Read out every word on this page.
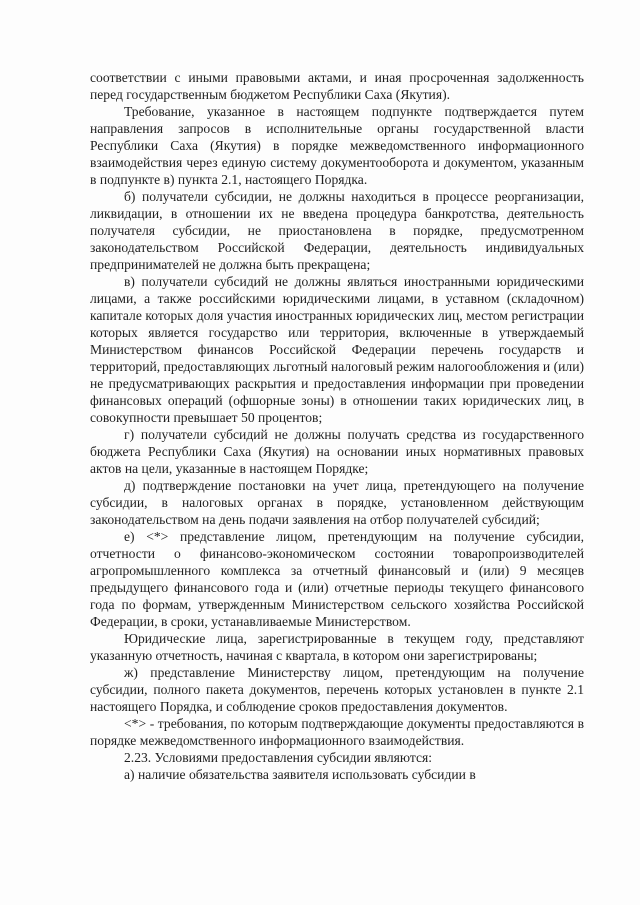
соответствии с иными правовыми актами, и иная просроченная задолженность перед государственным бюджетом Республики Саха (Якутия).

Требование, указанное в настоящем подпункте подтверждается путем направления запросов в исполнительные органы государственной власти Республики Саха (Якутия) в порядке межведомственного информационного взаимодействия через единую систему документооборота и документом, указанным в подпункте в) пункта 2.1, настоящего Порядка.

б) получатели субсидии, не должны находиться в процессе реорганизации, ликвидации, в отношении их не введена процедура банкротства, деятельность получателя субсидии, не приостановлена в порядке, предусмотренном законодательством Российской Федерации, деятельность индивидуальных предпринимателей не должна быть прекращена;

в) получатели субсидий не должны являться иностранными юридическими лицами, а также российскими юридическими лицами, в уставном (складочном) капитале которых доля участия иностранных юридических лиц, местом регистрации которых является государство или территория, включенные в утверждаемый Министерством финансов Российской Федерации перечень государств и территорий, предоставляющих льготный налоговый режим налогообложения и (или) не предусматривающих раскрытия и предоставления информации при проведении финансовых операций (офшорные зоны) в отношении таких юридических лиц, в совокупности превышает 50 процентов;

г) получатели субсидий не должны получать средства из государственного бюджета Республики Саха (Якутия) на основании иных нормативных правовых актов на цели, указанные в настоящем Порядке;

д) подтверждение постановки на учет лица, претендующего на получение субсидии, в налоговых органах в порядке, установленном действующим законодательством на день подачи заявления на отбор получателей субсидий;

е) <*> представление лицом, претендующим на получение субсидии, отчетности о финансово-экономическом состоянии товаропроизводителей агропромышленного комплекса за отчетный финансовый и (или) 9 месяцев предыдущего финансового года и (или) отчетные периоды текущего финансового года по формам, утвержденным Министерством сельского хозяйства Российской Федерации, в сроки, устанавливаемые Министерством.

Юридические лица, зарегистрированные в текущем году, представляют указанную отчетность, начиная с квартала, в котором они зарегистрированы;

ж) представление Министерству лицом, претендующим на получение субсидии, полного пакета документов, перечень которых установлен в пункте 2.1 настоящего Порядка, и соблюдение сроков предоставления документов.

<*> - требования, по которым подтверждающие документы предоставляются в порядке межведомственного информационного взаимодействия.

2.23. Условиями предоставления субсидии являются:

а) наличие обязательства заявителя использовать субсидии в
